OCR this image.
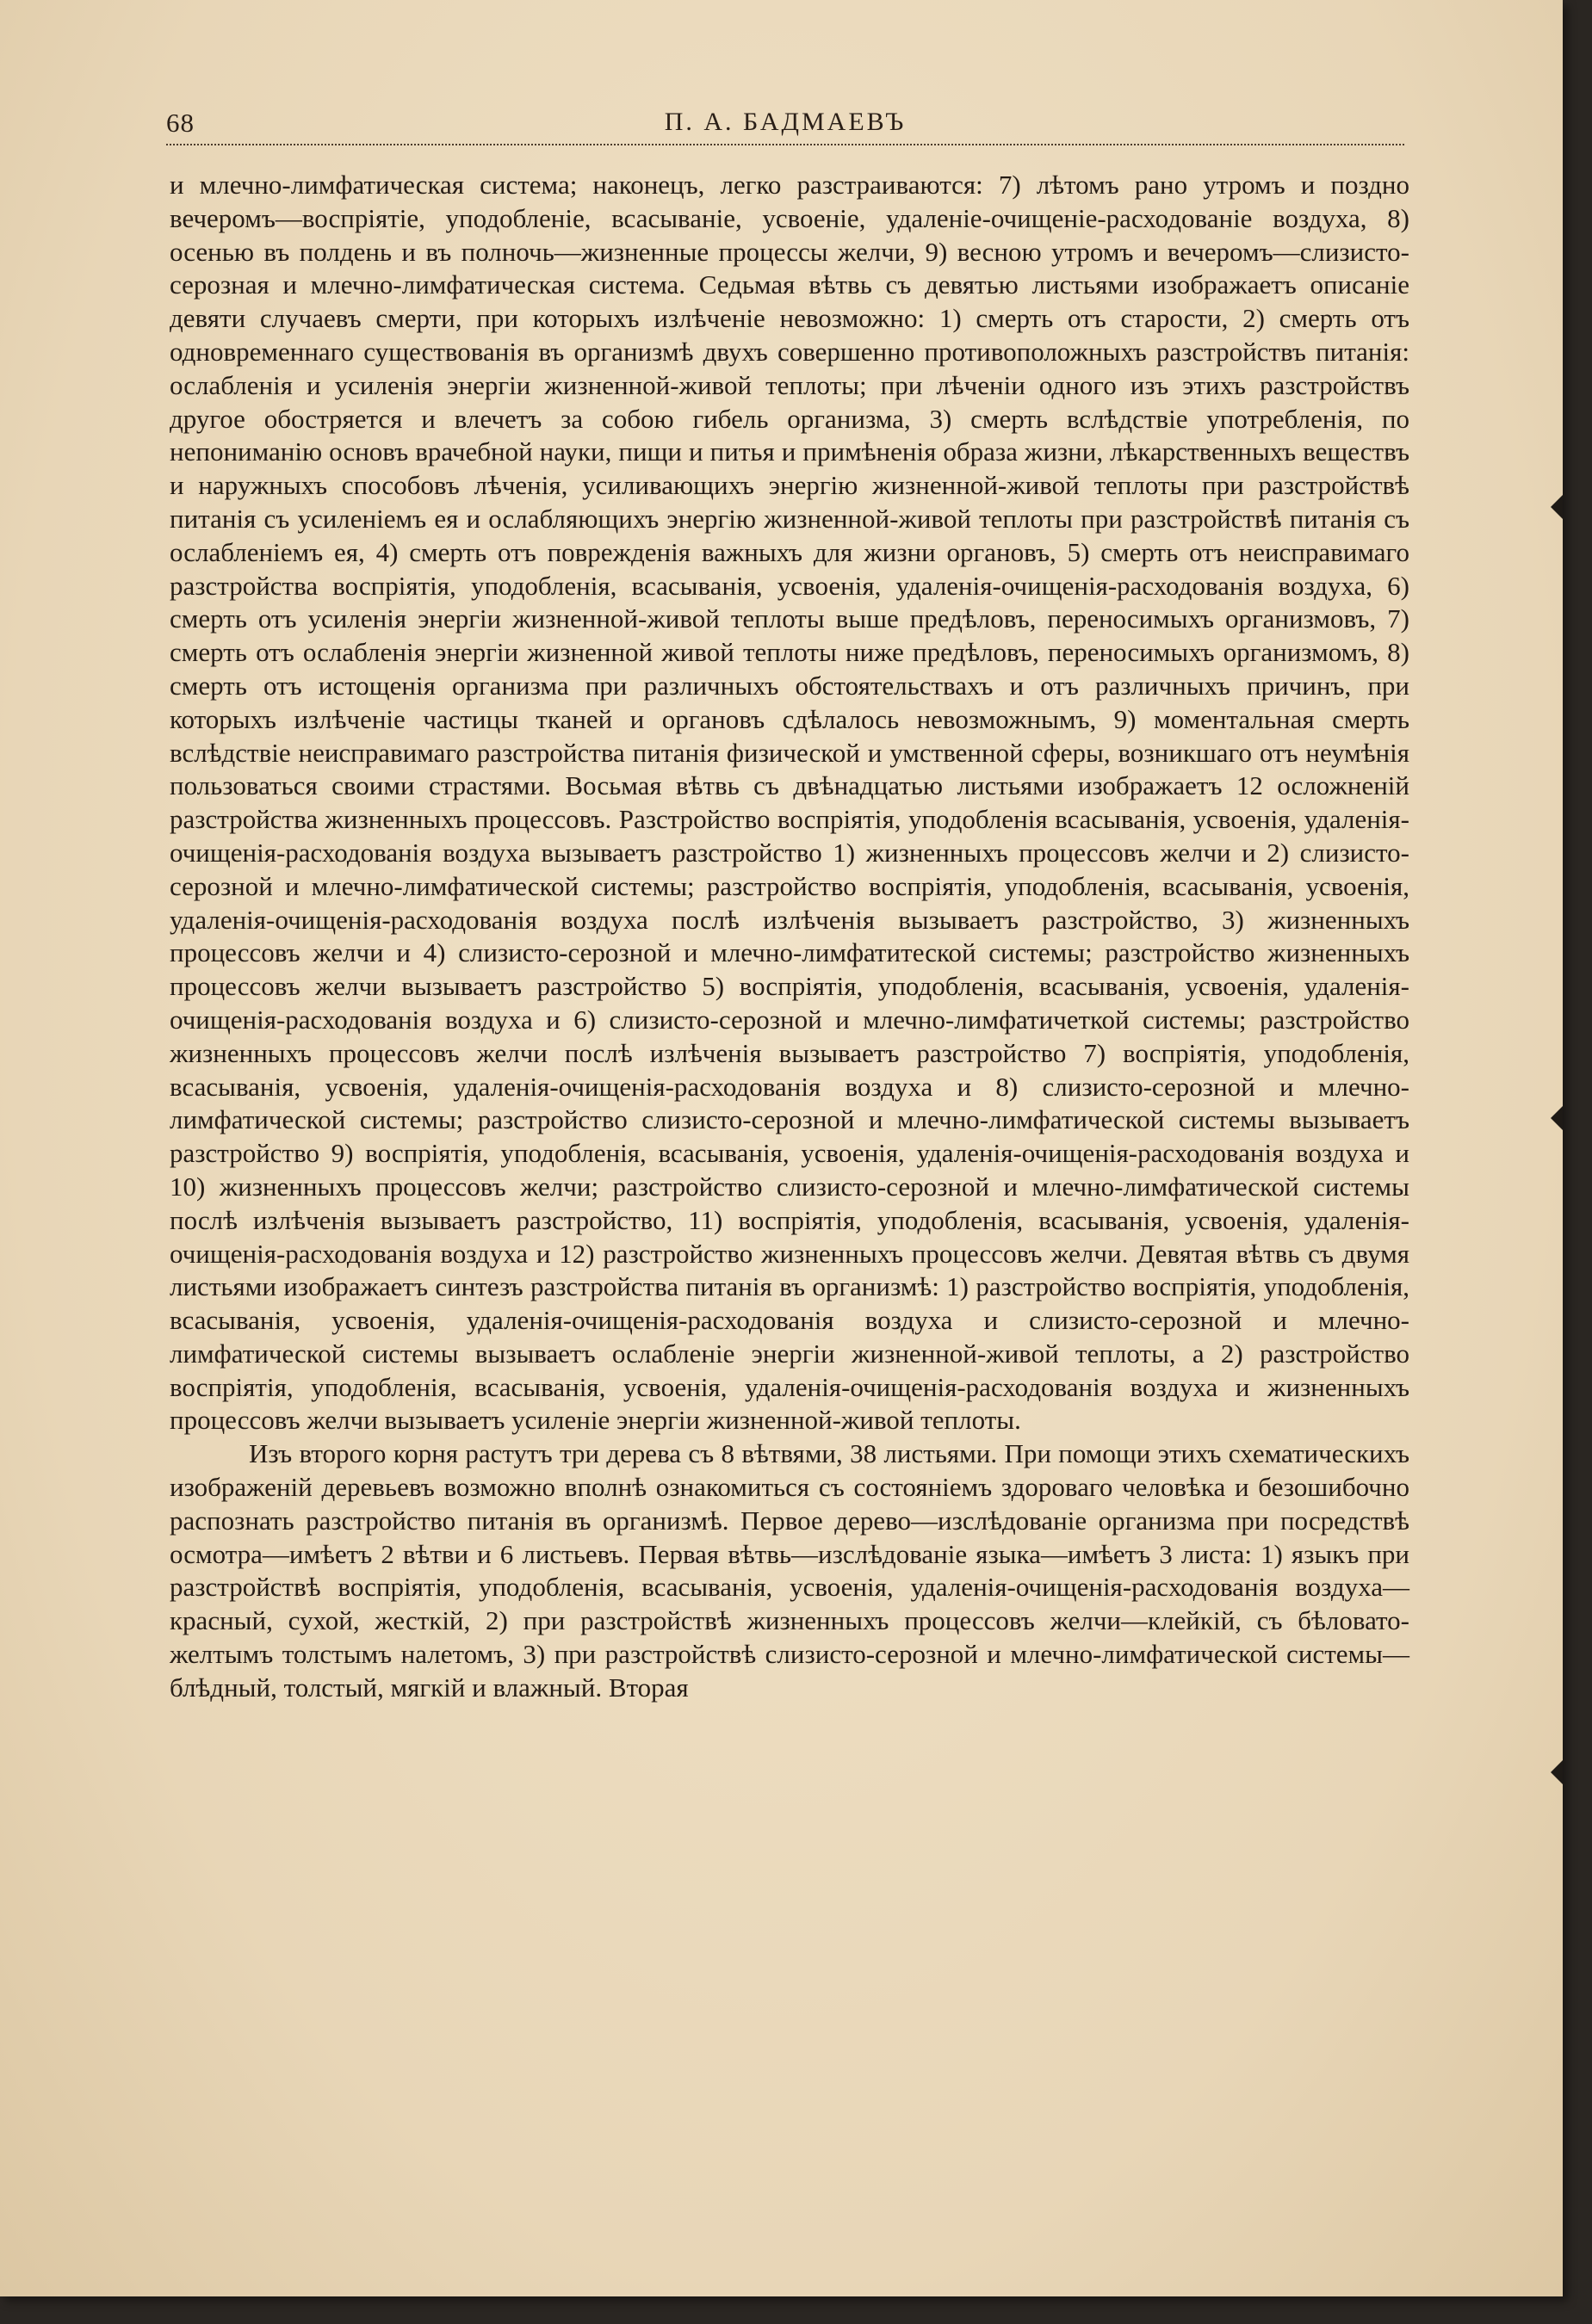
68	П. А. БАДМАЕВЪ

и млечно-лимфатическая система; наконецъ, легко разстраиваются: 7) лѣтомъ рано утромъ и поздно вечеромъ—воспріятіе, уподобленіе, всасываніе, усвоеніе, удаленіе-очищеніе-расходованіе воздуха, 8) осенью въ полдень и въ полночь—жизненные процессы желчи, 9) весною утромъ и вечеромъ—слизисто-серозная и млечно-лимфатическая система. Седьмая вѣтвь съ девятью листьями изображаетъ описаніе девяти случаевъ смерти, при которыхъ излѣченіе невозможно: 1) смерть отъ старости, 2) смерть отъ одновременнаго существованія въ организмѣ двухъ совершенно противоположныхъ разстройствъ питанія: ослабленія и усиленія энергіи жизненной-живой теплоты; при лѣченіи одного изъ этихъ разстройствъ другое обостряется и влечетъ за собою гибель организма, 3) смерть вслѣдствіе употребленія, по непониманію основъ врачебной науки, пищи и питья и примѣненія образа жизни, лѣкарственныхъ веществъ и наружныхъ способовъ лѣченія, усиливающихъ энергію жизненной-живой теплоты при разстройствѣ питанія съ усиленіемъ ея и ослабляющихъ энергію жизненной-живой теплоты при разстройствѣ питанія съ ослабленіемъ ея, 4) смерть отъ поврежденія важныхъ для жизни органовъ, 5) смерть отъ неисправимаго разстройства воспріятія, уподобленія, всасыванія, усвоенія, удаленія-очищенія-расходованія воздуха, 6) смерть отъ усиленія энергіи жизненной-живой теплоты выше предѣловъ, переносимыхъ организмовъ, 7) смерть отъ ослабленія энергіи жизненной живой теплоты ниже предѣловъ, переносимыхъ организмомъ, 8) смерть отъ истощенія организма при различныхъ обстоятельствахъ и отъ различныхъ причинъ, при которыхъ излѣченіе частицы тканей и органовъ сдѣлалось невозможнымъ, 9) моментальная смерть вслѣдствіе неисправимаго разстройства питанія физической и умственной сферы, возникшаго отъ неумѣнія пользоваться своими страстями. Восьмая вѣтвь съ двѣнадцатью листьями изображаетъ 12 осложненій разстройства жизненныхъ процессовъ. Разстройство воспріятія, уподобленія всасыванія, усвоенія, удаленія-очищенія-расходованія воздуха вызываетъ разстройство 1) жизненныхъ процессовъ желчи и 2) слизисто-серозной и млечно-лимфатической системы; разстройство воспріятія, уподобленія, всасыванія, усвоенія, удаленія-очищенія-расходованія воздуха послѣ излѣченія вызываетъ разстройство, 3) жизненныхъ процессовъ желчи и 4) слизисто-серозной и млечно-лимфатитеской системы; разстройство жизненныхъ процессовъ желчи вызываетъ разстройство 5) воспріятія, уподобленія, всасыванія, усвоенія, удаленія-очищенія-расходованія воздуха и 6) слизисто-серозной и млечно-лимфатичеткой системы; разстройство жизненныхъ процессовъ желчи послѣ излѣченія вызываетъ разстройство 7) воспріятія, уподобленія, всасыванія, усвоенія, удаленія-очищенія-расходованія воздуха и 8) слизисто-серозной и млечно-лимфатической системы; разстройство слизисто-серозной и млечно-лимфатической системы вызываетъ разстройство 9) воспріятія, уподобленія, всасыванія, усвоенія, удаленія-очищенія-расходованія воздуха и 10) жизненныхъ процессовъ желчи; разстройство слизисто-серозной и млечно-лимфатической системы послѣ излѣченія вызываетъ разстройство, 11) воспріятія, уподобленія, всасыванія, усвоенія, удаленія-очищенія-расходованія воздуха и 12) разстройство жизненныхъ процессовъ желчи. Девятая вѣтвь съ двумя листьями изображаетъ синтезъ разстройства питанія въ организмѣ: 1) разстройство воспріятія, уподобленія, всасыванія, усвоенія, удаленія-очищенія-расходованія воздуха и слизисто-серозной и млечно-лимфатической системы вызываетъ ослабленіе энергіи жизненной-живой теплоты, а 2) разстройство воспріятія, уподобленія, всасыванія, усвоенія, удаленія-очищенія-расходованія воздуха и жизненныхъ процессовъ желчи вызываетъ усиленіе энергіи жизненной-живой теплоты.

Изъ второго корня растутъ три дерева съ 8 вѣтвями, 38 листьями. При помощи этихъ схематическихъ изображеній деревьевъ возможно вполнѣ ознакомиться съ состояніемъ здороваго человѣка и безошибочно распознать разстройство питанія въ организмѣ. Первое дерево—изслѣдованіе организма при посредствѣ осмотра—имѣетъ 2 вѣтви и 6 листьевъ. Первая вѣтвь—изслѣдованіе языка—имѣетъ 3 листа: 1) языкъ при разстройствѣ воспріятія, уподобленія, всасыванія, усвоенія, удаленія-очищенія-расходованія воздуха—красный, сухой, жесткій, 2) при разстройствѣ жизненныхъ процессовъ желчи—клейкій, съ бѣловато-желтымъ толстымъ налетомъ, 3) при разстройствѣ слизисто-серозной и млечно-лимфатической системы—блѣдный, толстый, мягкій и влажный. Вторая
